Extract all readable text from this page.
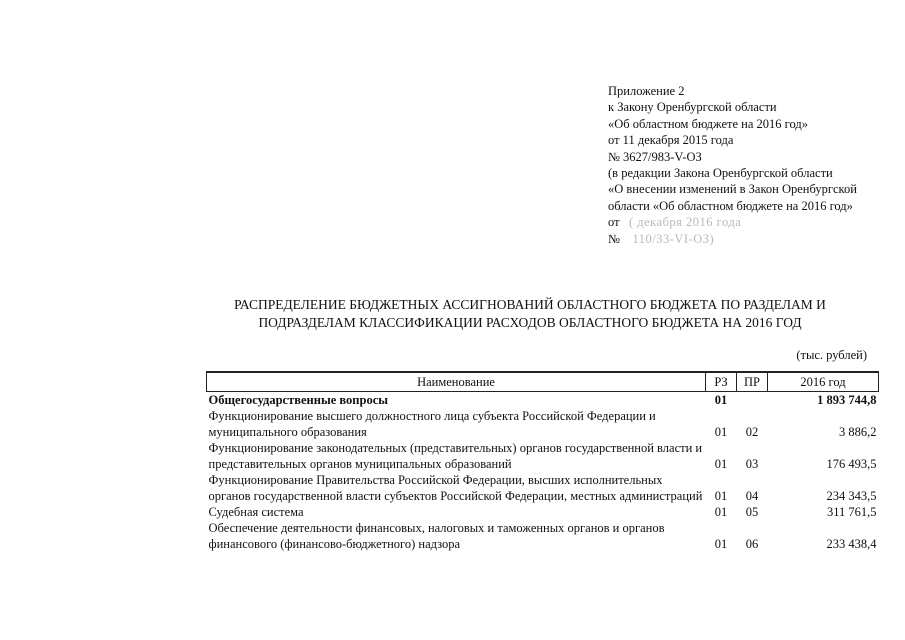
Приложение 2
к Закону Оренбургской области
«Об областном бюджете на 2016 год»
от 11 декабря 2015 года
№ 3627/983-V-ОЗ
(в редакции Закона Оренбургской области
«О внесении изменений в Закон Оренбургской
области «Об областном бюджете на 2016 год»
от ( декабря 2016 года
№ 110/33-VI-ОЗ)
РАСПРЕДЕЛЕНИЕ БЮДЖЕТНЫХ АССИГНОВАНИЙ ОБЛАСТНОГО БЮДЖЕТА ПО РАЗДЕЛАМ И
ПОДРАЗДЕЛАМ КЛАССИФИКАЦИИ РАСХОДОВ ОБЛАСТНОГО БЮДЖЕТА НА 2016 ГОД
(тыс. рублей)
Наименование	РЗ	ПР	2016 год
Общегосударственные вопросы	01		1 893 744,8
Функционирование высшего должностного лица субъекта Российской Федерации и муниципального образования	01	02	3 886,2
Функционирование законодательных (представительных) органов государственной власти и представительных органов муниципальных образований	01	03	176 493,5
Функционирование Правительства Российской Федерации, высших исполнительных органов государственной власти субъектов Российской Федерации, местных администраций	01	04	234 343,5
Судебная система	01	05	311 761,5
Обеспечение деятельности финансовых, налоговых и таможенных органов и органов финансового (финансово-бюджетного) надзора	01	06	233 438,4
